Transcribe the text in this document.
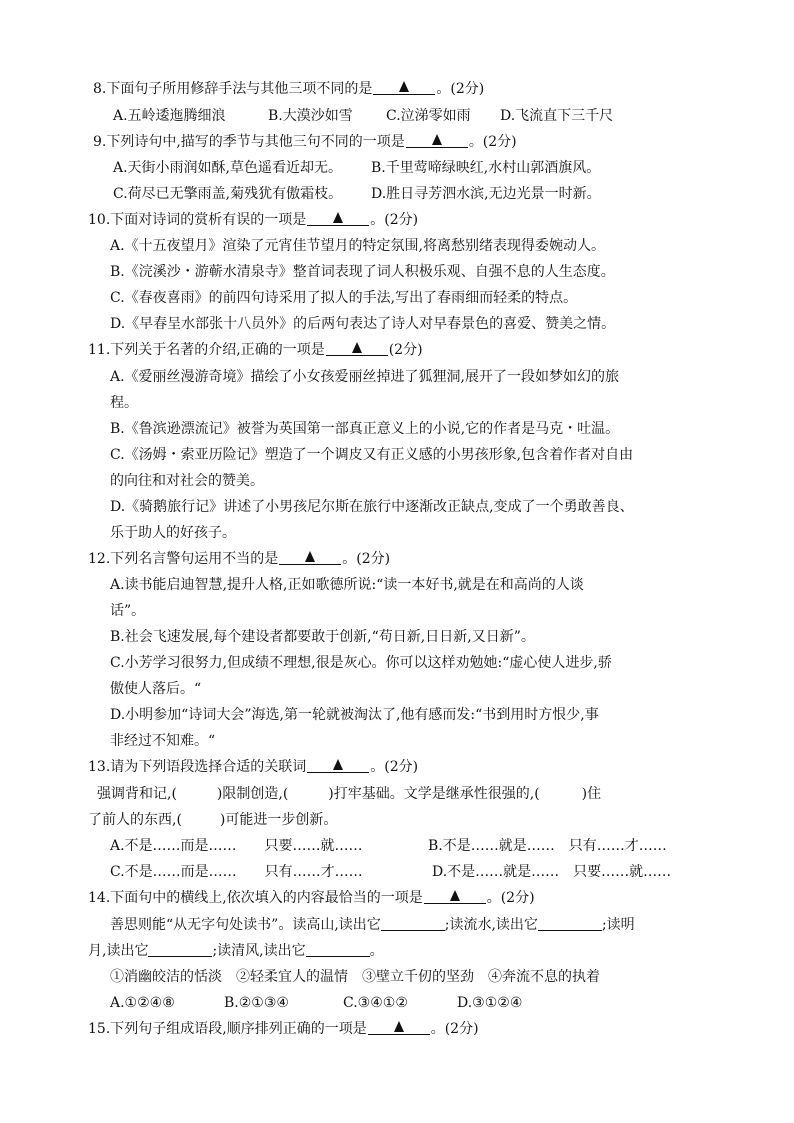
8.下面句子所用修辞手法与其他三项不同的是	。(2分)
A.五岭逶迤腾细浪	B.大漠沙如雪 C.泣涕零如雨 D.飞流直下三千尺
9.下列诗句中,描写的季节与其他三句不同的一项是	。(2分)
A.天街小雨润如酥,草色遥看近却无。 B.千里莺啼绿映红,水村山郭酒旗风。
C.荷尽已无擎雨盖,菊残犹有傲霜枝。 D.胜日寻芳泗水滨,无边光景一时新。
10.下面对诗词的赏析有误的一项是	。(2分)
A.《十五夜望月》渲染了元宵佳节望月的特定氛围,将离愁别绪表现得委婉动人。
B.《浣溪沙・游蕲水清泉寺》整首词表现了词人积极乐观、自强不息的人生态度。
C.《春夜喜雨》的前四句诗采用了拟人的手法,写出了春雨细而轻柔的特点。
D.《早春呈水部张十八员外》的后两句表达了诗人对早春景色的喜爱、赞美之情。
11.下列关于名著的介绍,正确的一项是	(2分)
A.《爱丽丝漫游奇境》描绘了小女孩爱丽丝掉进了狐狸洞,展开了一段如梦如幻的旅
程。
B.《鲁滨逊漂流记》被誉为英国第一部真正意义上的小说,它的作者是马克・吐温。
C.《汤姆・索亚历险记》塑造了一个调皮又有正义感的小男孩形象,包含着作者对自由
的向往和对社会的赞美。
D.《骑鹅旅行记》讲述了小男孩尼尔斯在旅行中逐渐改正缺点,变成了一个勇敢善良、
乐于助人的好孩子。
12.下列名言警句运用不当的是	。(2分)
A.读书能启迪智慧,提升人格,正如歌德所说:“读一本好书,就是在和高尚的人谈
话”。
B.社会飞速发展,每个建设者都要敢于创新,“苟日新,日日新,又日新”。
C.小芳学习很努力,但成绩不理想,很是灰心。你可以这样劝勉她:“虚心使人进步,骄
傲使人落后。“
D.小明参加“诗词大会”海选,第一轮就被淘汰了,他有感而发:“书到用时方恨少,事
非经过不知难。“
13.请为下列语段选择合适的关联词	。(2分)
强调背和记,(	)限制创造,(	)打牢基础。文学是继承性很强的,(	)住
了前人的东西,(	)可能进一步创新。
A.不是……而是……　　只要……就……	B.不是……就是……　只有……才……
C.不是……而是……　　只有……才……	D.不是……就是……　只要……就……
14.下面句中的横线上,依次填入的内容最恰当的一项是	。(2分)
善思则能“从无字句处读书”。读高山,读出它	;读流水,读出它	;读明
月,读出它	;读清风,读出它	。
①消幽皎洁的恬淡　②轻柔宜人的温情　③壁立千仞的坚劲　④奔流不息的执着
A.①②④⑧	B.②①③④	C.③④①②	D.③①②④
15.下列句子组成语段,顺序排列正确的一项是	。(2分)
